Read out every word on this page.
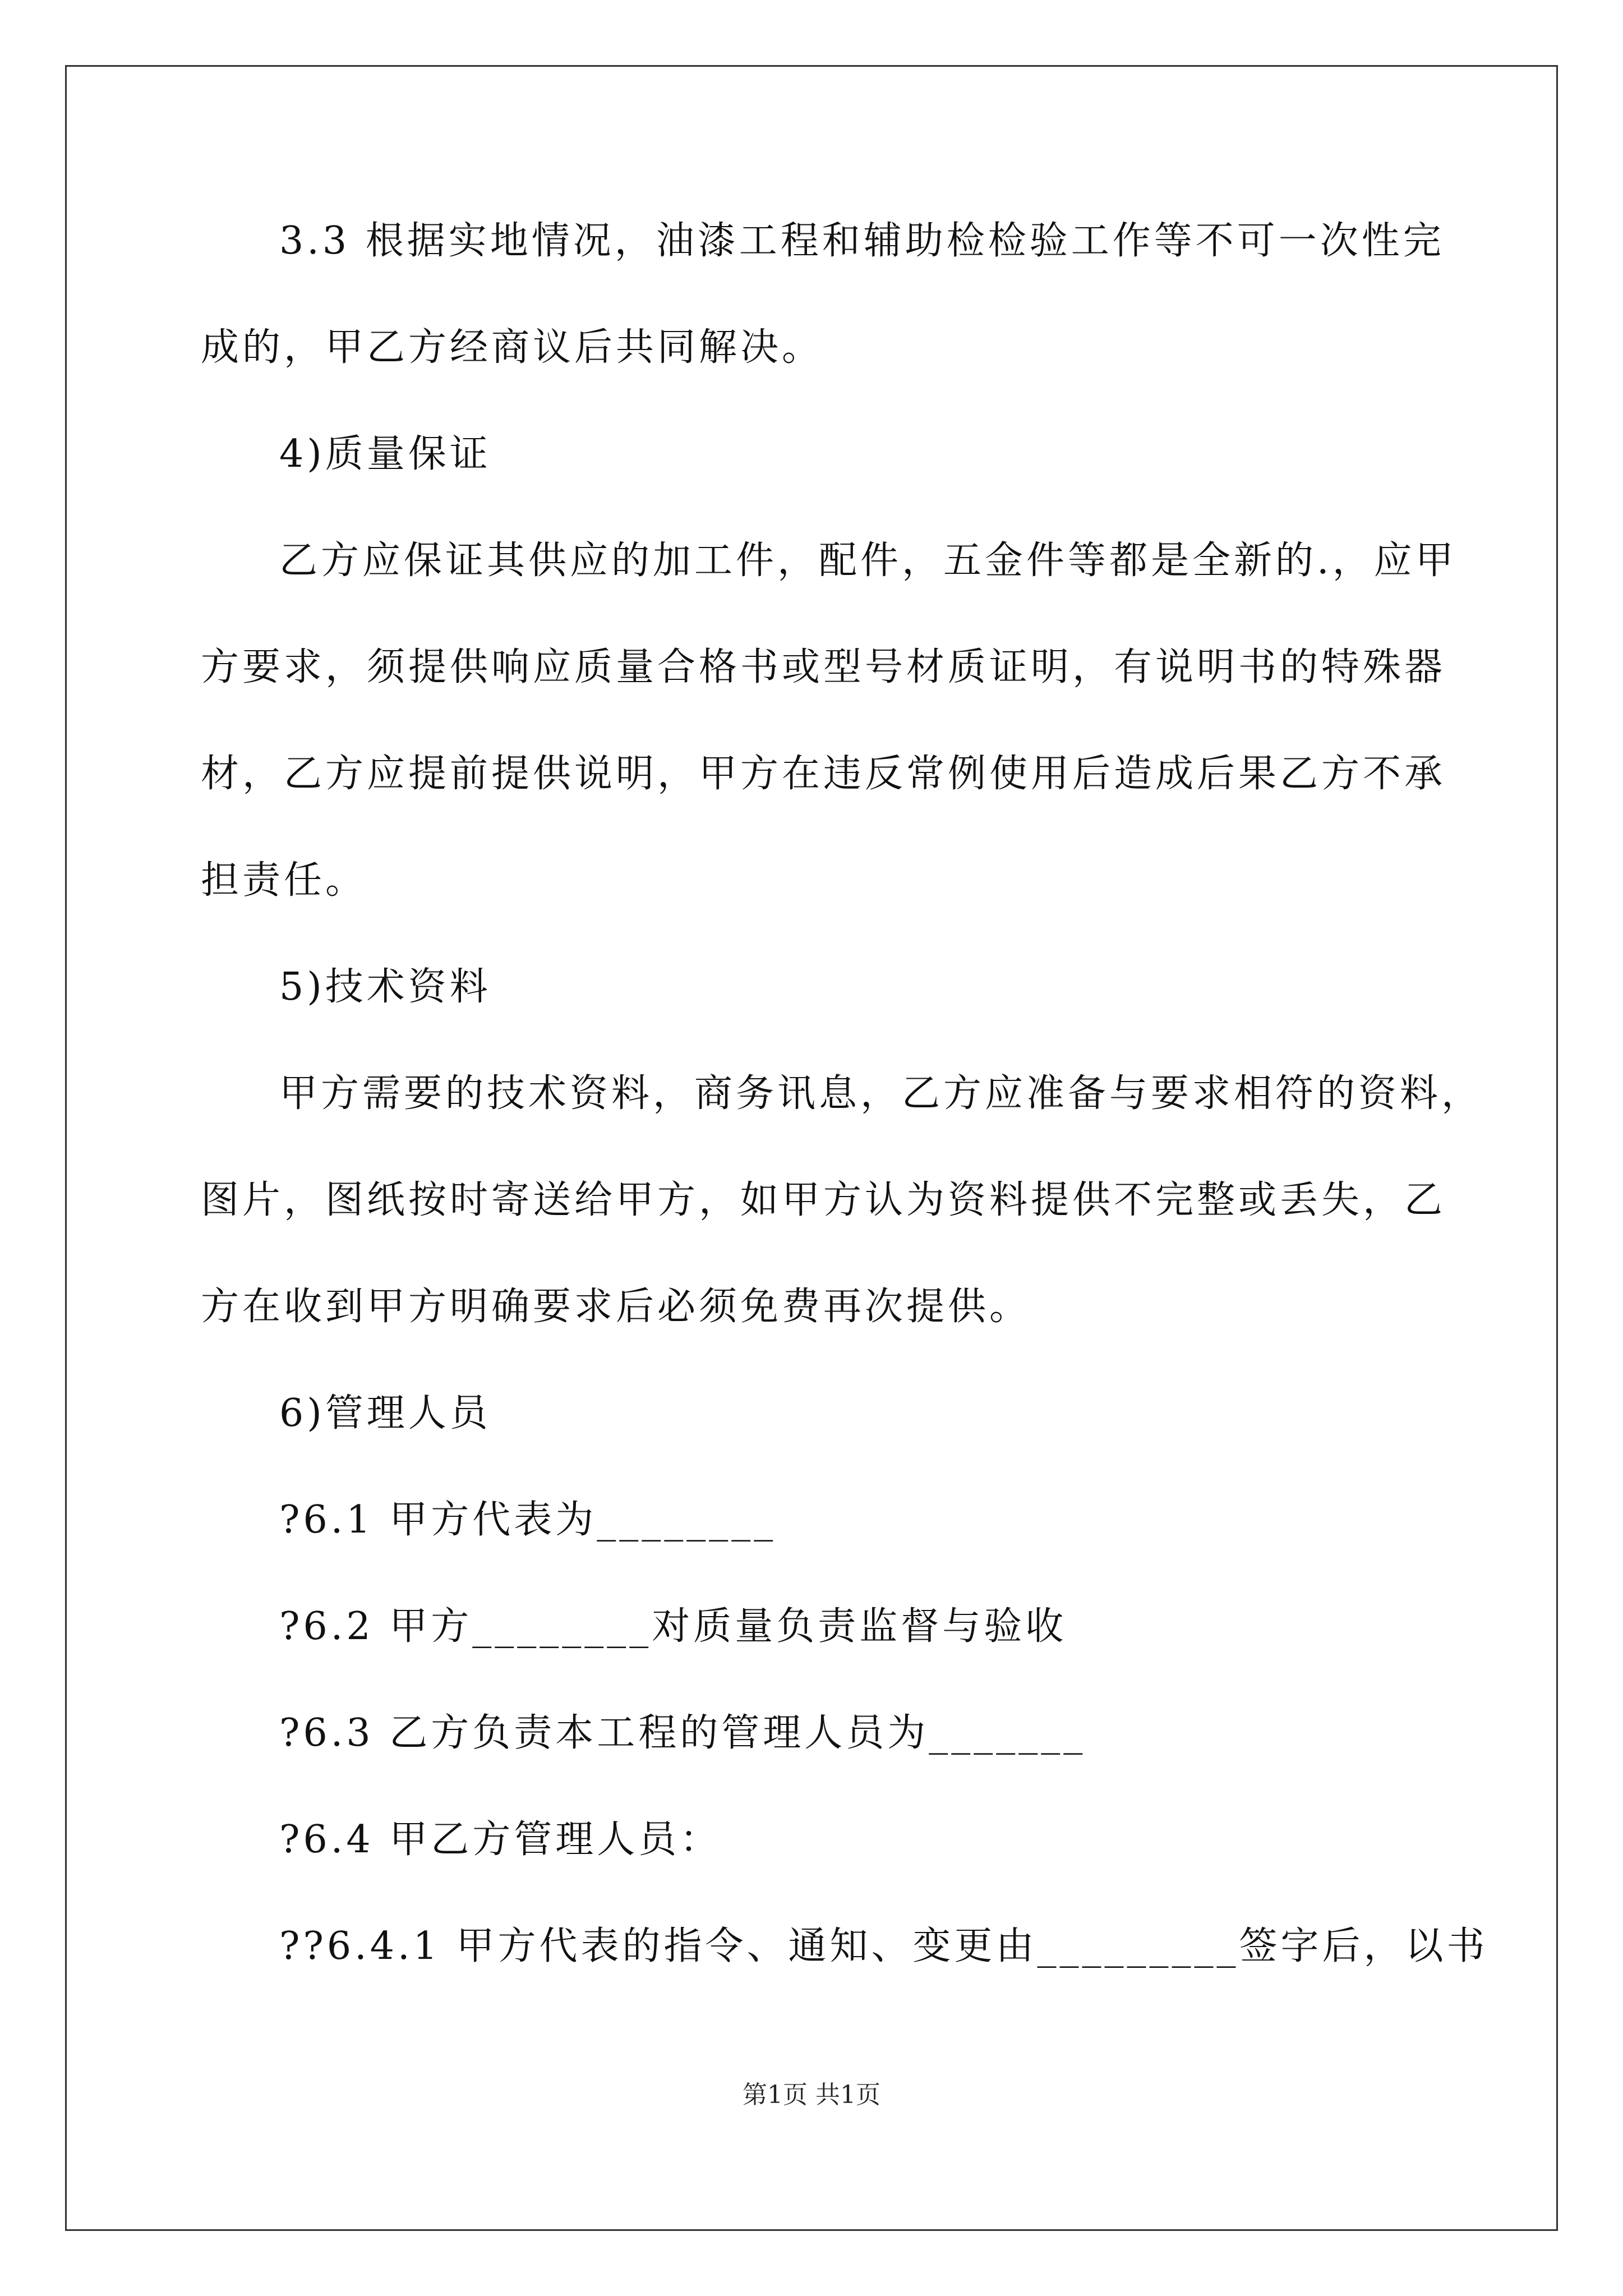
3.3 根据实地情况，油漆工程和辅助检检验工作等不可一次性完
成的，甲乙方经商议后共同解决。
4)质量保证
乙方应保证其供应的加工件，配件，五金件等都是全新的.，应甲
方要求，须提供响应质量合格书或型号材质证明，有说明书的特殊器
材，乙方应提前提供说明，甲方在违反常例使用后造成后果乙方不承
担责任。
5)技术资料
甲方需要的技术资料，商务讯息，乙方应准备与要求相符的资料，
图片，图纸按时寄送给甲方，如甲方认为资料提供不完整或丢失，乙
方在收到甲方明确要求后必须免费再次提供。
6)管理人员
?6.1 甲方代表为________
?6.2 甲方________对质量负责监督与验收
?6.3 乙方负责本工程的管理人员为_______
?6.4 甲乙方管理人员：
??6.4.1 甲方代表的指令、通知、变更由_________签字后，以书
第1页 共1页
